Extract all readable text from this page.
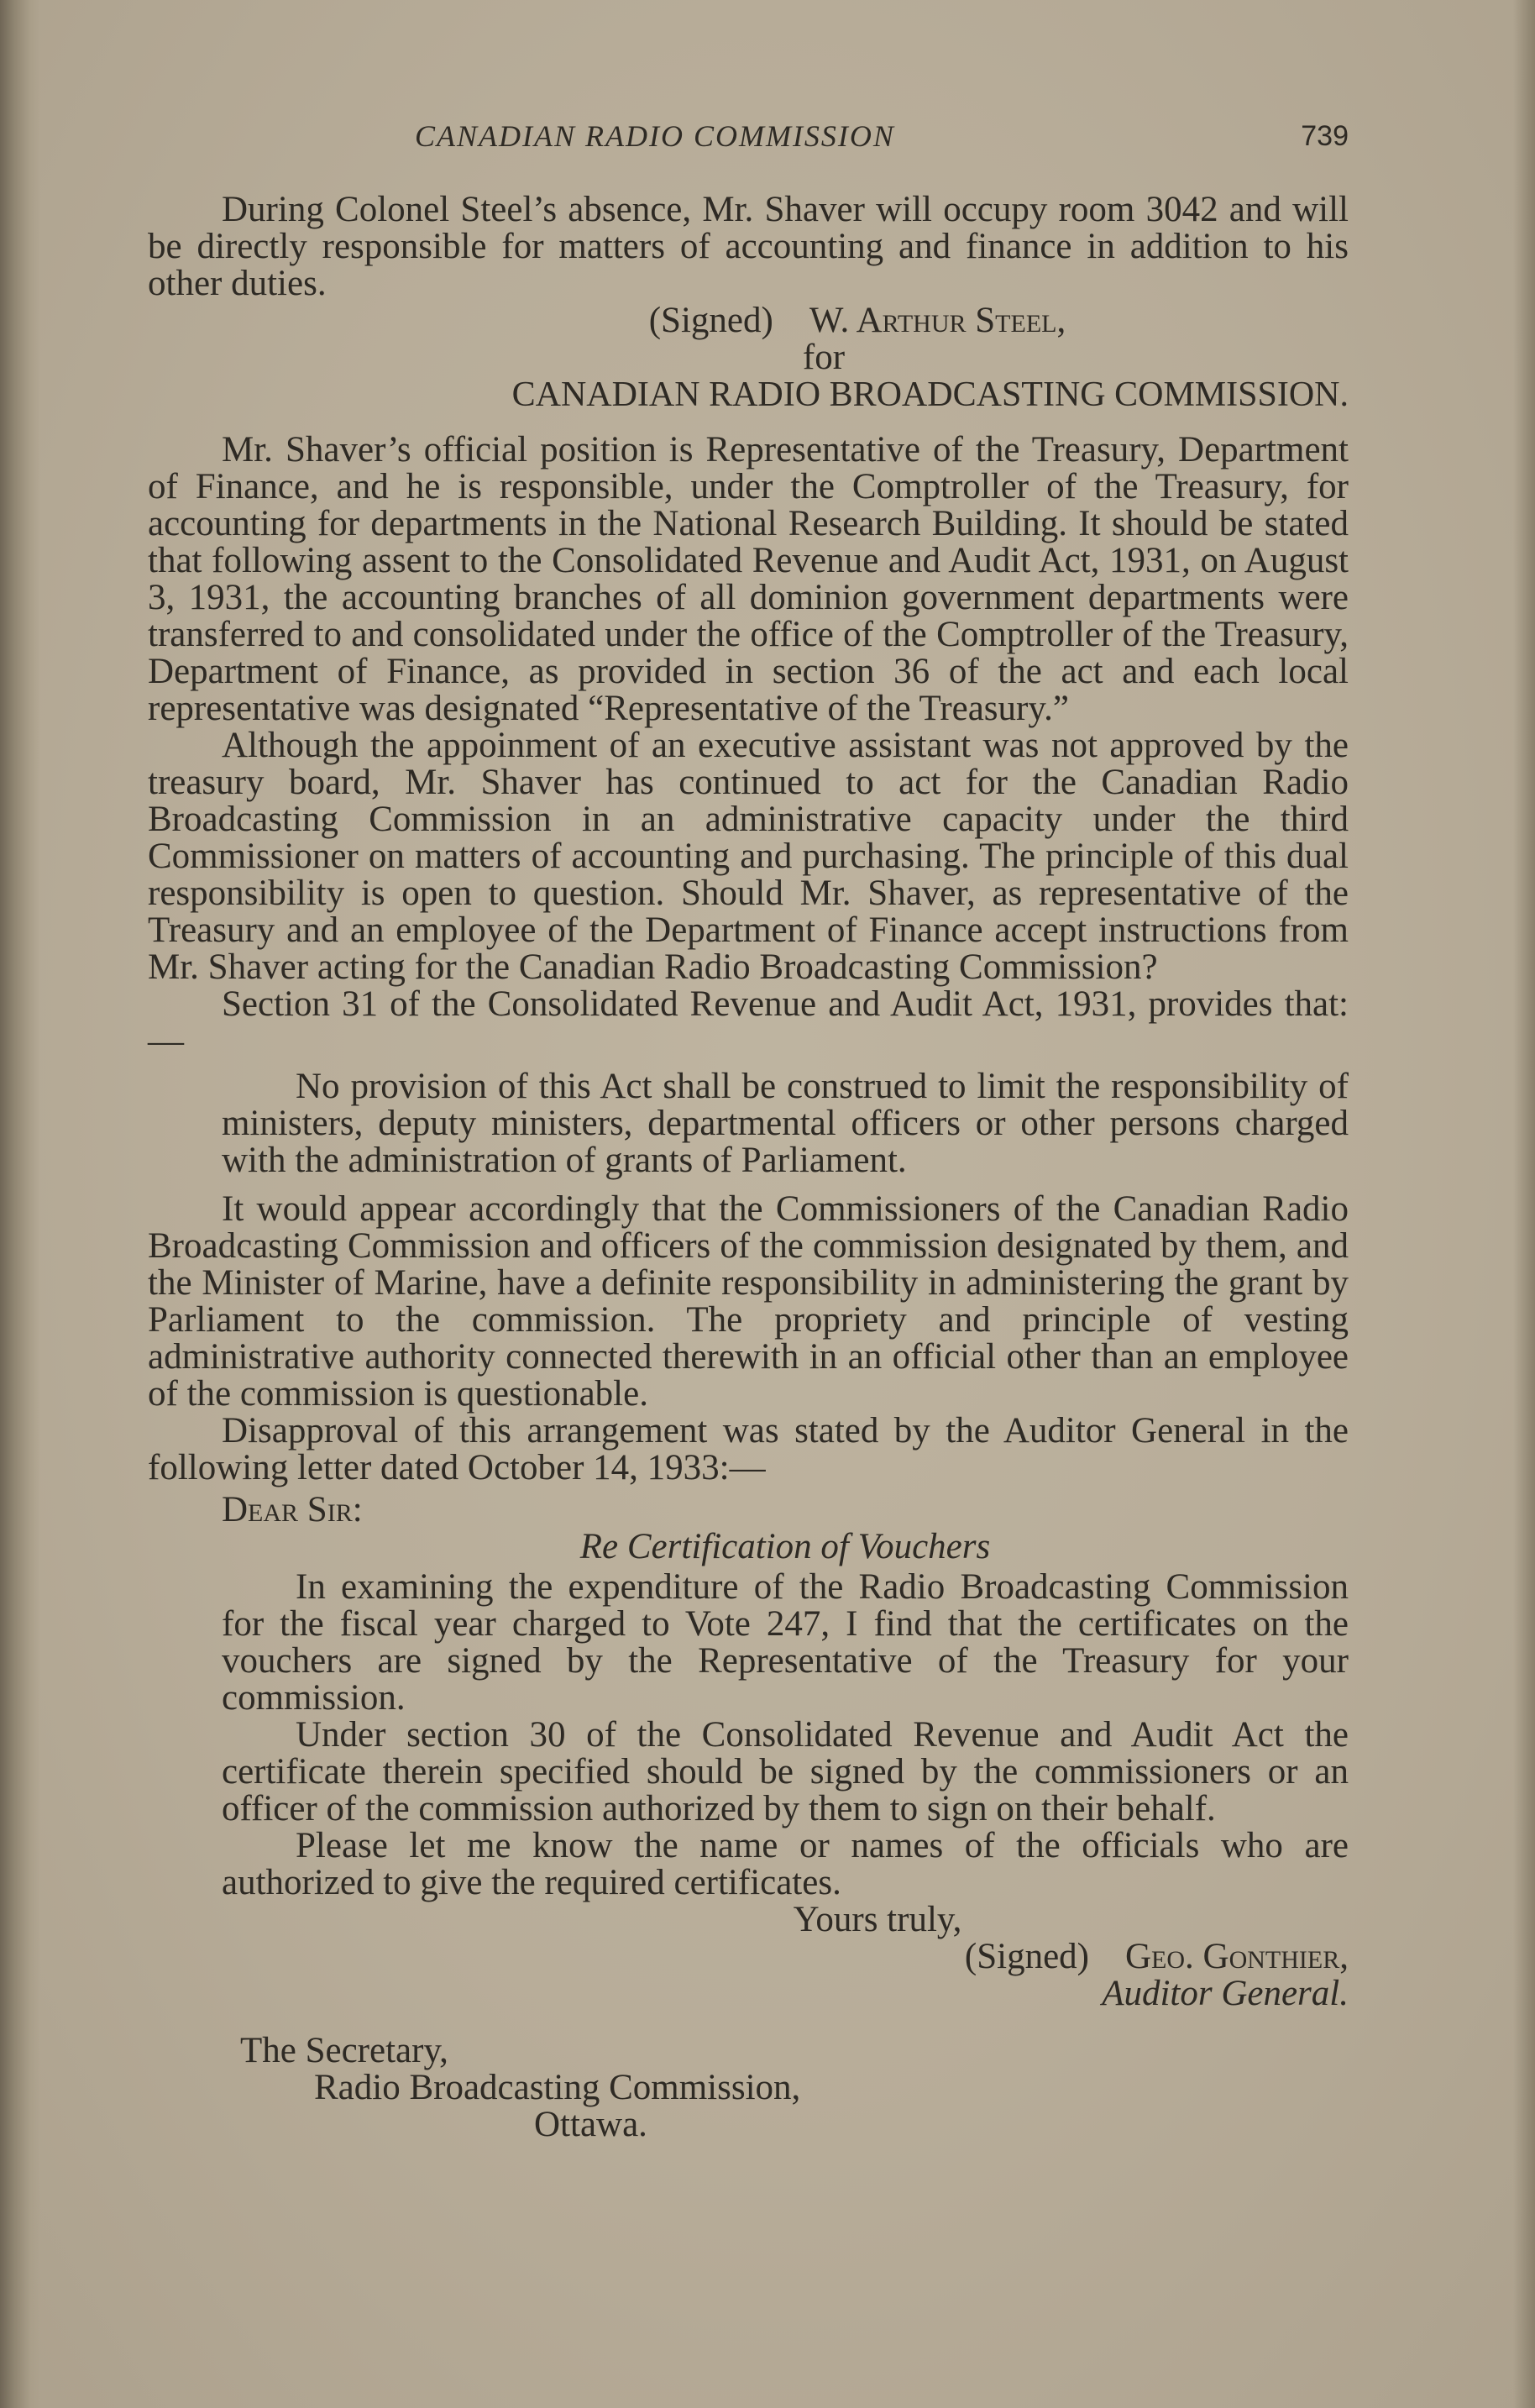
CANADIAN RADIO COMMISSION	739

During Colonel Steel’s absence, Mr. Shaver will occupy room 3042 and will be directly responsible for matters of accounting and finance in addition to his other duties.

(Signed) W. Arthur Steel,
for
CANADIAN RADIO BROADCASTING COMMISSION.

Mr. Shaver’s official position is Representative of the Treasury, Department of Finance, and he is responsible, under the Comptroller of the Treasury, for accounting for departments in the National Research Building. It should be stated that following assent to the Consolidated Revenue and Audit Act, 1931, on August 3, 1931, the accounting branches of all dominion government departments were transferred to and consolidated under the office of the Comptroller of the Treasury, Department of Finance, as provided in section 36 of the act and each local representative was designated “Representative of the Treasury.”

Although the appoinment of an executive assistant was not approved by the treasury board, Mr. Shaver has continued to act for the Canadian Radio Broadcasting Commission in an administrative capacity under the third Commissioner on matters of accounting and purchasing. The principle of this dual responsibility is open to question. Should Mr. Shaver, as representative of the Treasury and an employee of the Department of Finance accept instructions from Mr. Shaver acting for the Canadian Radio Broadcasting Commission?

Section 31 of the Consolidated Revenue and Audit Act, 1931, provides that:—

No provision of this Act shall be construed to limit the responsibility of ministers, deputy ministers, departmental officers or other persons charged with the administration of grants of Parliament.

It would appear accordingly that the Commissioners of the Canadian Radio Broadcasting Commission and officers of the commission designated by them, and the Minister of Marine, have a definite responsibility in administering the grant by Parliament to the commission. The propriety and principle of vesting administrative authority connected therewith in an official other than an employee of the commission is questionable.

Disapproval of this arrangement was stated by the Auditor General in the following letter dated October 14, 1933:—

Dear Sir:
Re Certification of Vouchers

In examining the expenditure of the Radio Broadcasting Commission for the fiscal year charged to Vote 247, I find that the certificates on the vouchers are signed by the Representative of the Treasury for your commission.

Under section 30 of the Consolidated Revenue and Audit Act the certificate therein specified should be signed by the commissioners or an officer of the commission authorized by them to sign on their behalf.

Please let me know the name or names of the officials who are authorized to give the required certificates.

Yours truly,
(Signed) Geo. Gonthier,
Auditor General.
The Secretary,
Radio Broadcasting Commission,
Ottawa.
